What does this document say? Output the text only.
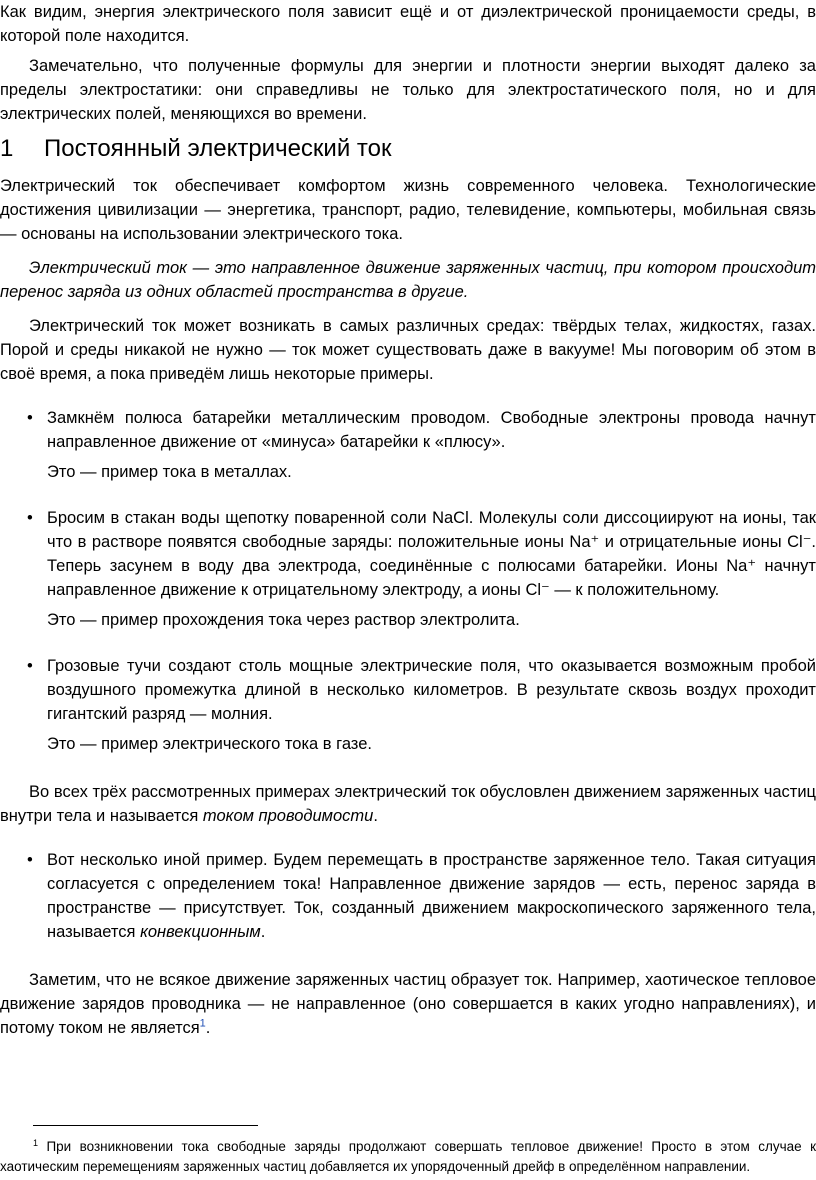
Как видим, энергия электрического поля зависит ещё и от диэлектрической проницаемости среды, в которой поле находится.

Замечательно, что полученные формулы для энергии и плотности энергии выходят далеко за пределы электростатики: они справедливы не только для электростатического поля, но и для электрических полей, меняющихся во времени.

1 Постоянный электрический ток

Электрический ток обеспечивает комфортом жизнь современного человека. Технологические достижения цивилизации — энергетика, транспорт, радио, телевидение, компьютеры, мобильная связь — основаны на использовании электрического тока.

Электрический ток — это направленное движение заряженных частиц, при котором происходит перенос заряда из одних областей пространства в другие.

Электрический ток может возникать в самых различных средах: твёрдых телах, жидкостях, газах. Порой и среды никакой не нужно — ток может существовать даже в вакууме! Мы поговорим об этом в своё время, а пока приведём лишь некоторые примеры.

• Замкнём полюса батарейки металлическим проводом. Свободные электроны провода начнут направленное движение от «минуса» батарейки к «плюсу».

Это — пример тока в металлах.

• Бросим в стакан воды щепотку поваренной соли NaCl. Молекулы соли диссоциируют на ионы, так что в растворе появятся свободные заряды: положительные ионы Na⁺ и отрицательные ионы Cl⁻. Теперь засунем в воду два электрода, соединённые с полюсами батарейки. Ионы Na⁺ начнут направленное движение к отрицательному электроду, а ионы Cl⁻ — к положительному.

Это — пример прохождения тока через раствор электролита.

• Грозовые тучи создают столь мощные электрические поля, что оказывается возможным пробой воздушного промежутка длиной в несколько километров. В результате сквозь воздух проходит гигантский разряд — молния.

Это — пример электрического тока в газе.

Во всех трёх рассмотренных примерах электрический ток обусловлен движением заряженных частиц внутри тела и называется током проводимости.

• Вот несколько иной пример. Будем перемещать в пространстве заряженное тело. Такая ситуация согласуется с определением тока! Направленное движение зарядов — есть, перенос заряда в пространстве — присутствует. Ток, созданный движением макроскопического заряженного тела, называется конвекционным.

Заметим, что не всякое движение заряженных частиц образует ток. Например, хаотическое тепловое движение зарядов проводника — не направленное (оно совершается в каких угодно направлениях), и потому током не является$^1$.

$^1$ При возникновении тока свободные заряды продолжают совершать тепловое движение! Просто в этом случае к хаотическим перемещениям заряженных частиц добавляется их упорядоченный дрейф в определённом направлении.
